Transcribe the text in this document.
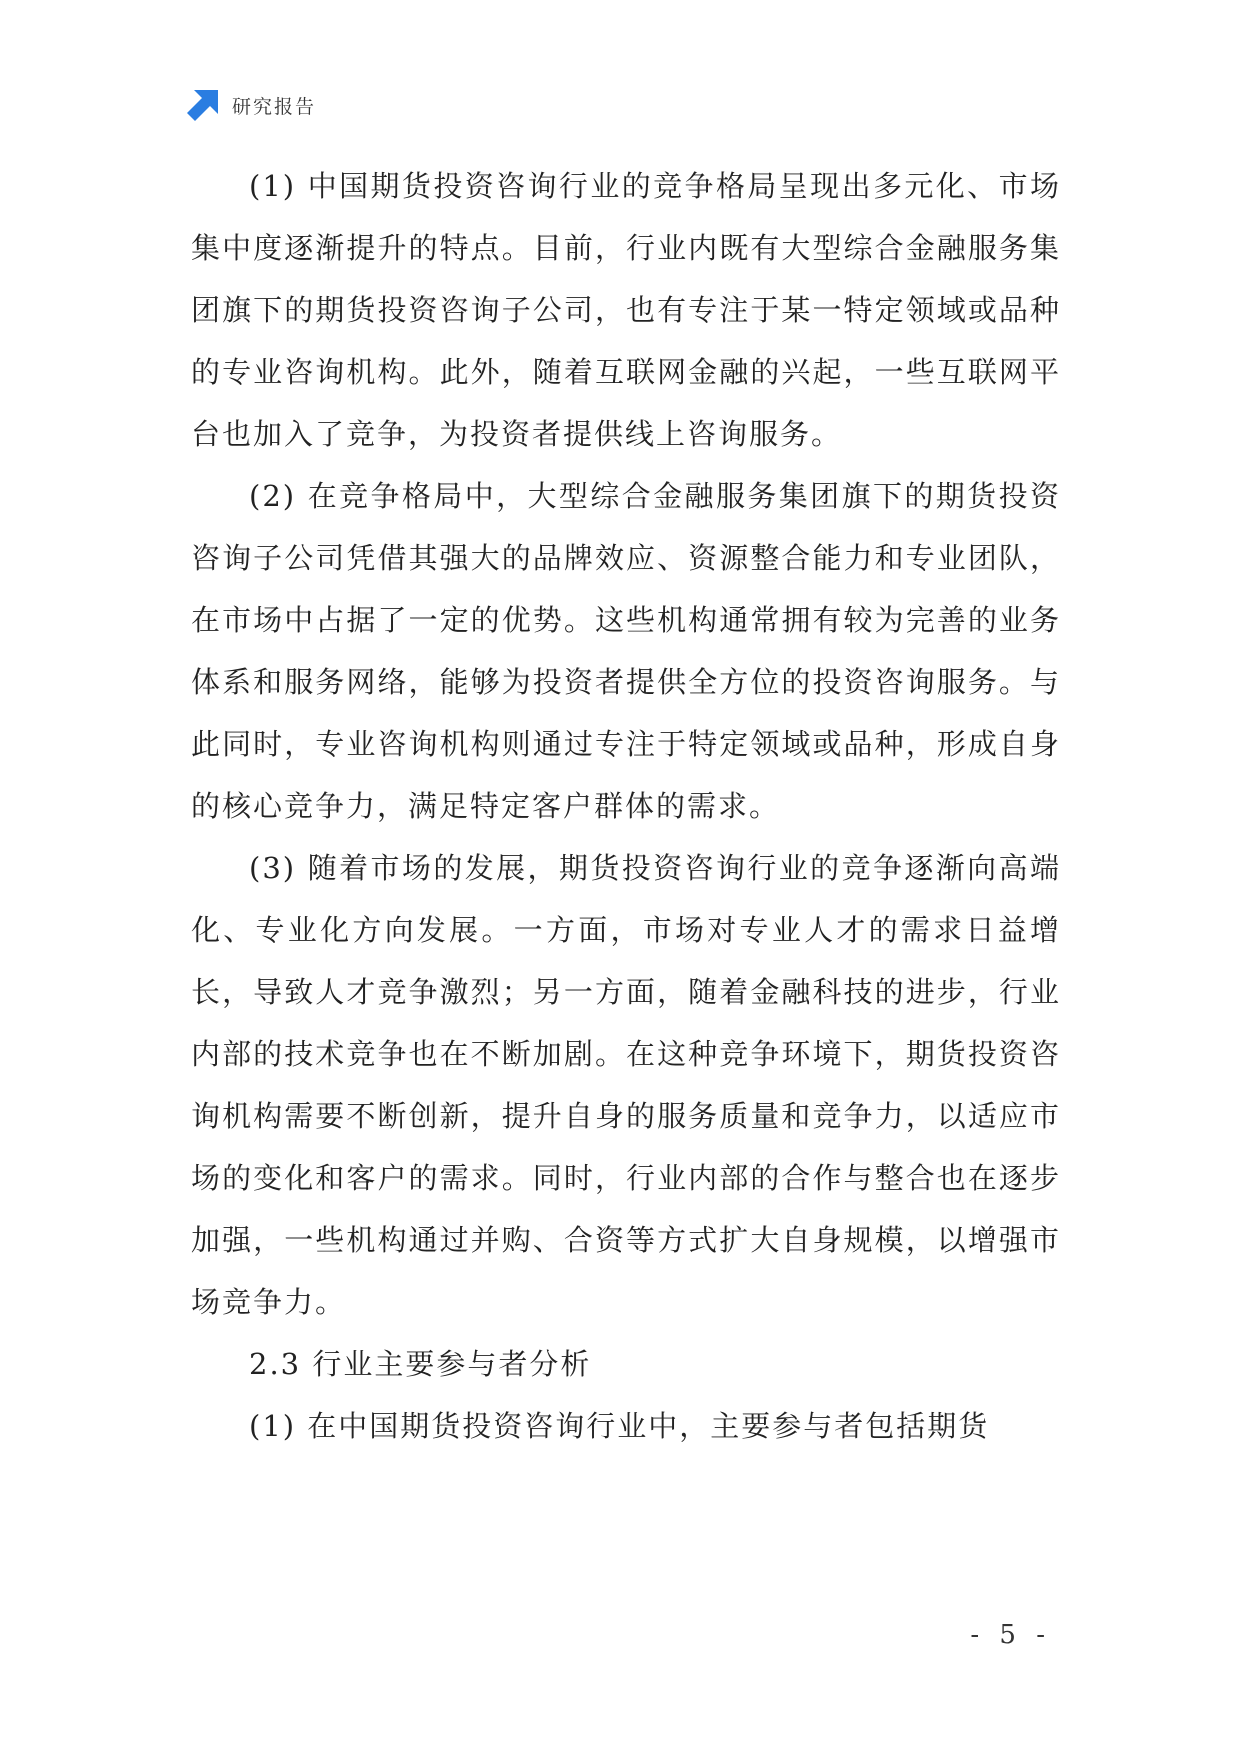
研究报告

(1) 中国期货投资咨询行业的竞争格局呈现出多元化、市场集中度逐渐提升的特点。目前，行业内既有大型综合金融服务集团旗下的期货投资咨询子公司，也有专注于某一特定领域或品种的专业咨询机构。此外，随着互联网金融的兴起，一些互联网平台也加入了竞争，为投资者提供线上咨询服务。

(2) 在竞争格局中，大型综合金融服务集团旗下的期货投资咨询子公司凭借其强大的品牌效应、资源整合能力和专业团队，在市场中占据了一定的优势。这些机构通常拥有较为完善的业务体系和服务网络，能够为投资者提供全方位的投资咨询服务。与此同时，专业咨询机构则通过专注于特定领域或品种，形成自身的核心竞争力，满足特定客户群体的需求。

(3) 随着市场的发展，期货投资咨询行业的竞争逐渐向高端化、专业化方向发展。一方面，市场对专业人才的需求日益增长，导致人才竞争激烈；另一方面，随着金融科技的进步，行业内部的技术竞争也在不断加剧。在这种竞争环境下，期货投资咨询机构需要不断创新，提升自身的服务质量和竞争力，以适应市场的变化和客户的需求。同时，行业内部的合作与整合也在逐步加强，一些机构通过并购、合资等方式扩大自身规模，以增强市场竞争力。

2.3 行业主要参与者分析

(1) 在中国期货投资咨询行业中，主要参与者包括期货

- 5 -
